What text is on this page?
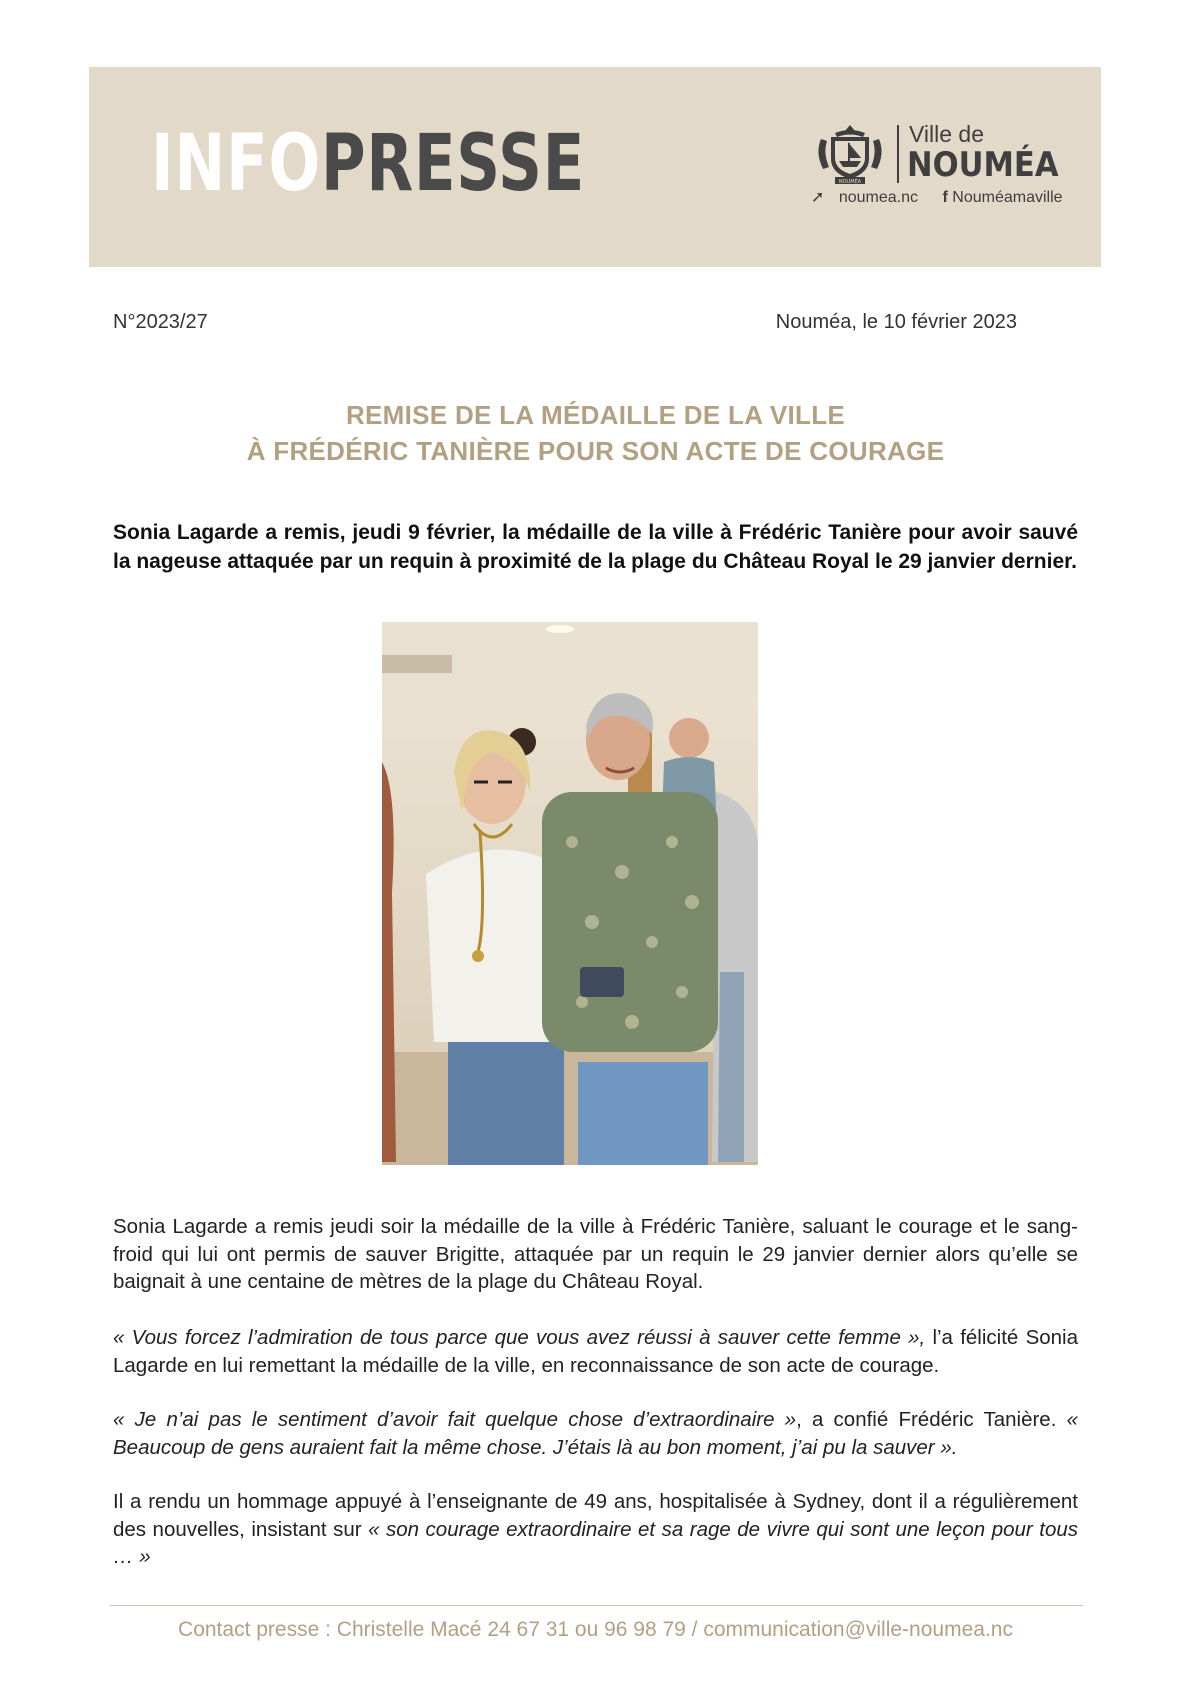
INFOPRESSE	NOUMÉA
Ville de
NOUMÉA
➚ noumea.nc f Nouméamaville
N°2023/27	Nouméa, le 10 février 2023
REMISE DE LA MÉDAILLE DE LA VILLE
À FRÉDÉRIC TANIÈRE POUR SON ACTE DE COURAGE
Sonia Lagarde a remis, jeudi 9 février, la médaille de la ville à Frédéric Tanière pour avoir sauvé la nageuse attaquée par un requin à proximité de la plage du Château Royal le 29 janvier dernier.
Sonia Lagarde a remis jeudi soir la médaille de la ville à Frédéric Tanière, saluant le courage et le sang-froid qui lui ont permis de sauver Brigitte, attaquée par un requin le 29 janvier dernier alors qu’elle se baignait à une centaine de mètres de la plage du Château Royal.
« Vous forcez l’admiration de tous parce que vous avez réussi à sauver cette femme », l’a félicité Sonia Lagarde en lui remettant la médaille de la ville, en reconnaissance de son acte de courage.
« Je n’ai pas le sentiment d’avoir fait quelque chose d’extraordinaire », a confié Frédéric Tanière. « Beaucoup de gens auraient fait la même chose. J’étais là au bon moment, j’ai pu la sauver ».
Il a rendu un hommage appuyé à l’enseignante de 49 ans, hospitalisée à Sydney, dont il a régulièrement des nouvelles, insistant sur « son courage extraordinaire et sa rage de vivre qui sont une leçon pour tous … »
Contact presse : Christelle Macé 24 67 31 ou 96 98 79 / communication@ville-noumea.nc
